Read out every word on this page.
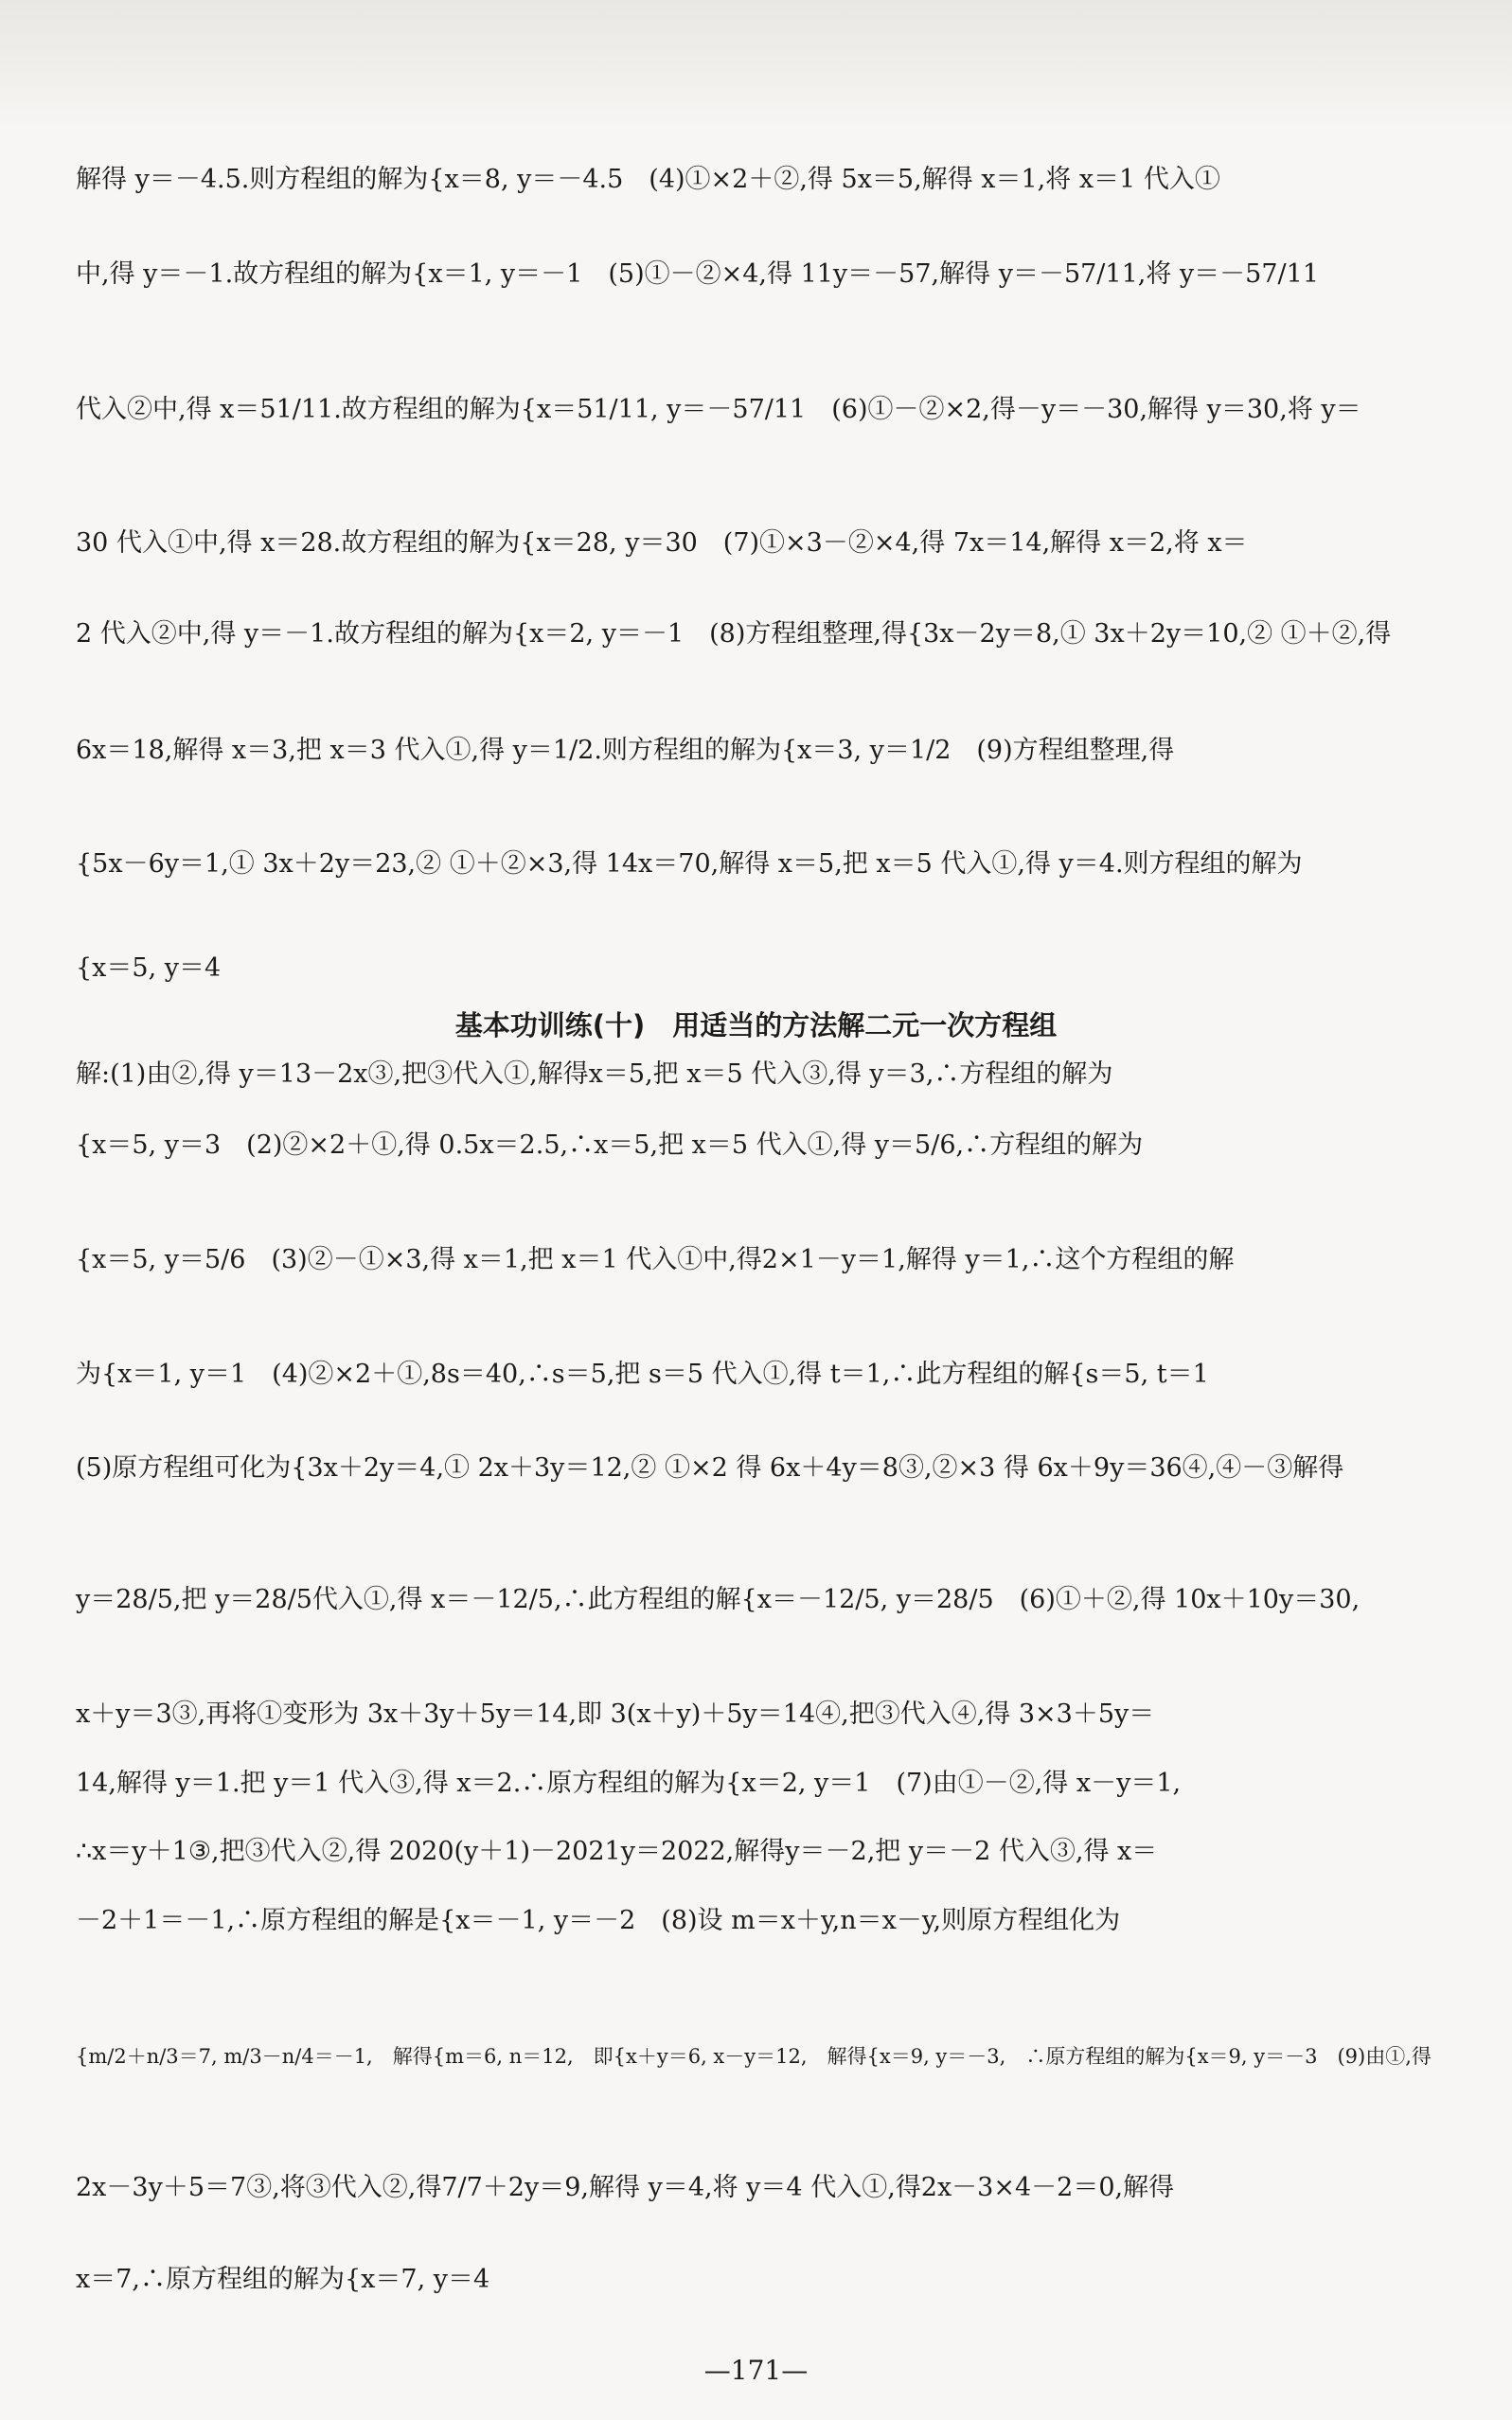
解得 y＝－4.5.则方程组的解为{x＝8, y＝－4.5　(4)①×2＋②,得 5x＝5,解得 x＝1,将 x＝1 代入①
中,得 y＝－1.故方程组的解为{x＝1, y＝－1　(5)①－②×4,得 11y＝－57,解得 y＝－57/11,将 y＝－57/11
代入②中,得 x＝51/11.故方程组的解为{x＝51/11, y＝－57/11　(6)①－②×2,得－y＝－30,解得 y＝30,将 y＝
30 代入①中,得 x＝28.故方程组的解为{x＝28, y＝30　(7)①×3－②×4,得 7x＝14,解得 x＝2,将 x＝
2 代入②中,得 y＝－1.故方程组的解为{x＝2, y＝－1　(8)方程组整理,得{3x－2y＝8,① 3x＋2y＝10,② ①＋②,得
6x＝18,解得 x＝3,把 x＝3 代入①,得 y＝1/2.则方程组的解为{x＝3, y＝1/2　(9)方程组整理,得
{5x－6y＝1,① 3x＋2y＝23,② ①＋②×3,得 14x＝70,解得 x＝5,把 x＝5 代入①,得 y＝4.则方程组的解为
{x＝5, y＝4
基本功训练(十)　用适当的方法解二元一次方程组
解:(1)由②,得 y＝13－2x③,把③代入①,解得x＝5,把 x＝5 代入③,得 y＝3,∴方程组的解为
{x＝5, y＝3　(2)②×2＋①,得 0.5x＝2.5,∴x＝5,把 x＝5 代入①,得 y＝5/6,∴方程组的解为
{x＝5, y＝5/6　(3)②－①×3,得 x＝1,把 x＝1 代入①中,得2×1－y＝1,解得 y＝1,∴这个方程组的解
为{x＝1, y＝1　(4)②×2＋①,8s＝40,∴s＝5,把 s＝5 代入①,得 t＝1,∴此方程组的解{s＝5, t＝1
(5)原方程组可化为{3x＋2y＝4,① 2x＋3y＝12,② ①×2 得 6x＋4y＝8③,②×3 得 6x＋9y＝36④,④－③解得
y＝28/5,把 y＝28/5代入①,得 x＝－12/5,∴此方程组的解{x＝－12/5, y＝28/5　(6)①＋②,得 10x＋10y＝30,
x＋y＝3③,再将①变形为 3x＋3y＋5y＝14,即 3(x＋y)＋5y＝14④,把③代入④,得 3×3＋5y＝
14,解得 y＝1.把 y＝1 代入③,得 x＝2.∴原方程组的解为{x＝2, y＝1　(7)由①－②,得 x－y＝1,
∴x＝y＋1③,把③代入②,得 2020(y＋1)－2021y＝2022,解得y＝－2,把 y＝－2 代入③,得 x＝
－2＋1＝－1,∴原方程组的解是{x＝－1, y＝－2　(8)设 m＝x＋y,n＝x－y,则原方程组化为
{m/2＋n/3＝7, m/3－n/4＝－1,　解得{m＝6, n＝12,　即{x＋y＝6, x－y＝12,　解得{x＝9, y＝－3,　∴原方程组的解为{x＝9, y＝－3　(9)由①,得
2x－3y＋5＝7③,将③代入②,得7/7＋2y＝9,解得 y＝4,将 y＝4 代入①,得2x－3×4－2＝0,解得
x＝7,∴原方程组的解为{x＝7, y＝4
—171—
